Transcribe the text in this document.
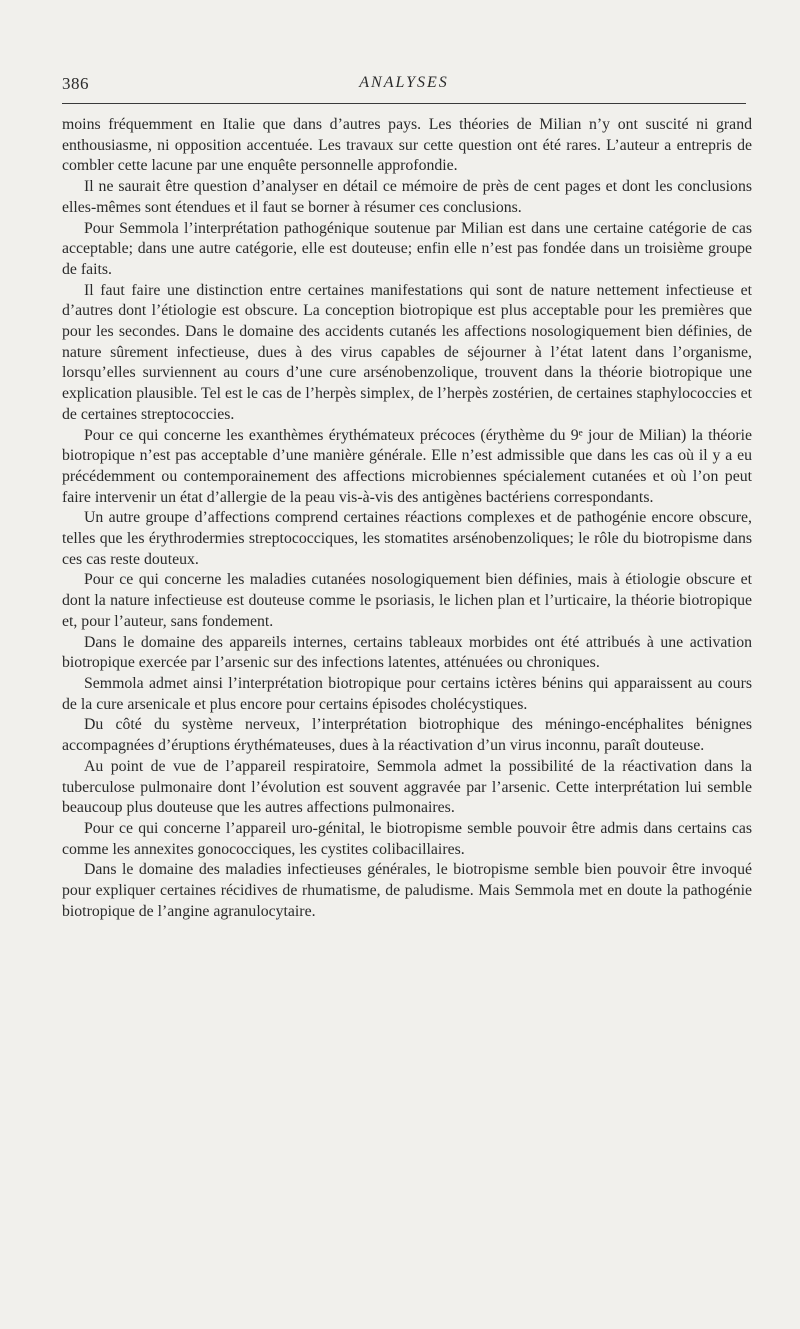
386	ANALYSES

moins fréquemment en Italie que dans d’autres pays. Les théories de Milian n’y ont suscité ni grand enthousiasme, ni opposition accentuée. Les travaux sur cette question ont été rares. L’auteur a entrepris de combler cette lacune par une enquête personnelle approfondie.

Il ne saurait être question d’analyser en détail ce mémoire de près de cent pages et dont les conclusions elles-mêmes sont étendues et il faut se borner à résumer ces conclusions.

Pour Semmola l’interprétation pathogénique soutenue par Milian est dans une certaine catégorie de cas acceptable; dans une autre catégorie, elle est douteuse; enfin elle n’est pas fondée dans un troisième groupe de faits.

Il faut faire une distinction entre certaines manifestations qui sont de nature nettement infectieuse et d’autres dont l’étiologie est obscure. La conception biotropique est plus acceptable pour les premières que pour les secondes. Dans le domaine des accidents cutanés les affections nosologiquement bien définies, de nature sûrement infectieuse, dues à des virus capables de séjourner à l’état latent dans l’organisme, lorsqu’elles surviennent au cours d’une cure arsénobenzolique, trouvent dans la théorie biotropique une explication plausible. Tel est le cas de l’herpès simplex, de l’herpès zostérien, de certaines staphylococcies et de certaines streptococcies.

Pour ce qui concerne les exanthèmes érythémateux précoces (érythème du 9ᵉ jour de Milian) la théorie biotropique n’est pas acceptable d’une manière générale. Elle n’est admissible que dans les cas où il y a eu précédemment ou contemporainement des affections microbiennes spécialement cutanées et où l’on peut faire intervenir un état d’allergie de la peau vis-à-vis des antigènes bactériens correspondants.

Un autre groupe d’affections comprend certaines réactions complexes et de pathogénie encore obscure, telles que les érythrodermies streptococciques, les stomatites arsénobenzoliques; le rôle du biotropisme dans ces cas reste douteux.

Pour ce qui concerne les maladies cutanées nosologiquement bien définies, mais à étiologie obscure et dont la nature infectieuse est douteuse comme le psoriasis, le lichen plan et l’urticaire, la théorie biotropique et, pour l’auteur, sans fondement.

Dans le domaine des appareils internes, certains tableaux morbides ont été attribués à une activation biotropique exercée par l’arsenic sur des infections latentes, atténuées ou chroniques.

Semmola admet ainsi l’interprétation biotropique pour certains ictères bénins qui apparaissent au cours de la cure arsenicale et plus encore pour certains épisodes cholécystiques.

Du côté du système nerveux, l’interprétation biotrophique des méningo-encéphalites bénignes accompagnées d’éruptions érythémateuses, dues à la réactivation d’un virus inconnu, paraît douteuse.

Au point de vue de l’appareil respiratoire, Semmola admet la possibilité de la réactivation dans la tuberculose pulmonaire dont l’évolution est souvent aggravée par l’arsenic. Cette interprétation lui semble beaucoup plus douteuse que les autres affections pulmonaires.

Pour ce qui concerne l’appareil uro-génital, le biotropisme semble pouvoir être admis dans certains cas comme les annexites gonococciques, les cystites colibacillaires.

Dans le domaine des maladies infectieuses générales, le biotropisme semble bien pouvoir être invoqué pour expliquer certaines récidives de rhumatisme, de paludisme. Mais Semmola met en doute la pathogénie biotropique de l’angine agranulocytaire.
